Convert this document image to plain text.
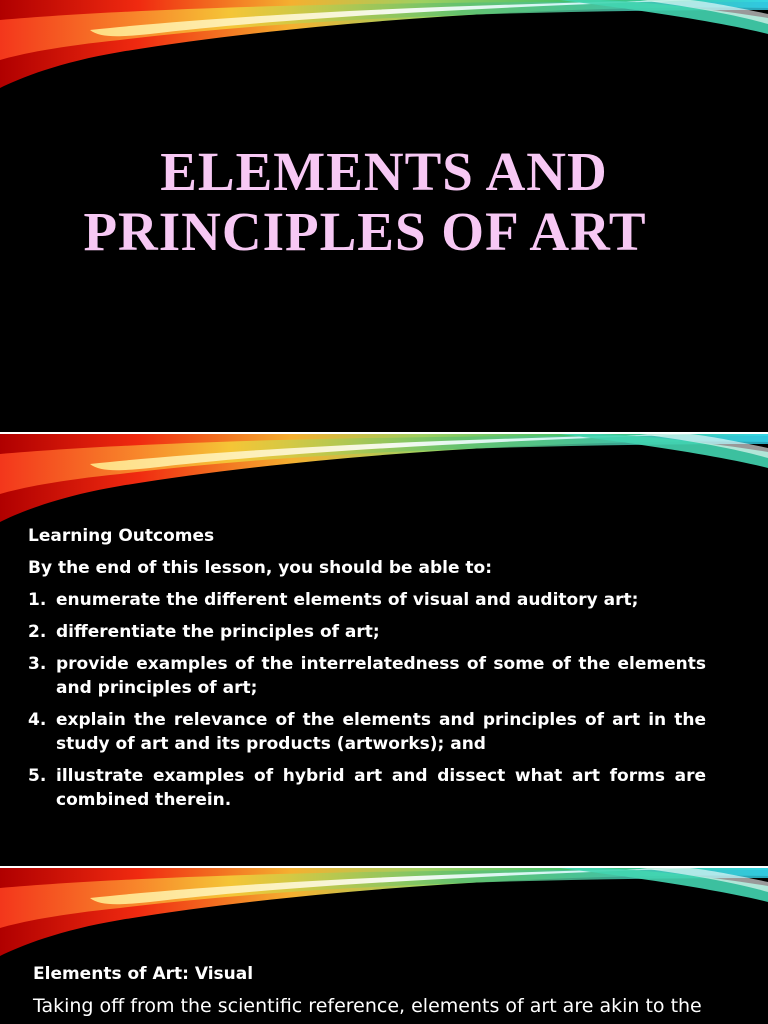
ELEMENTS AND
PRINCIPLES OF ART

Learning Outcomes

By the end of this lesson, you should be able to:

1. enumerate the different elements of visual and auditory art;
2. differentiate the principles of art;
3. provide examples of the interrelatedness of some of the elements and principles of art;
4. explain the relevance of the elements and principles of art in the study of art and its products (artworks); and
5. illustrate examples of hybrid art and dissect what art forms are combined therein.
Elements of Art: Visual
Taking off from the scientific reference, elements of art are akin to the
